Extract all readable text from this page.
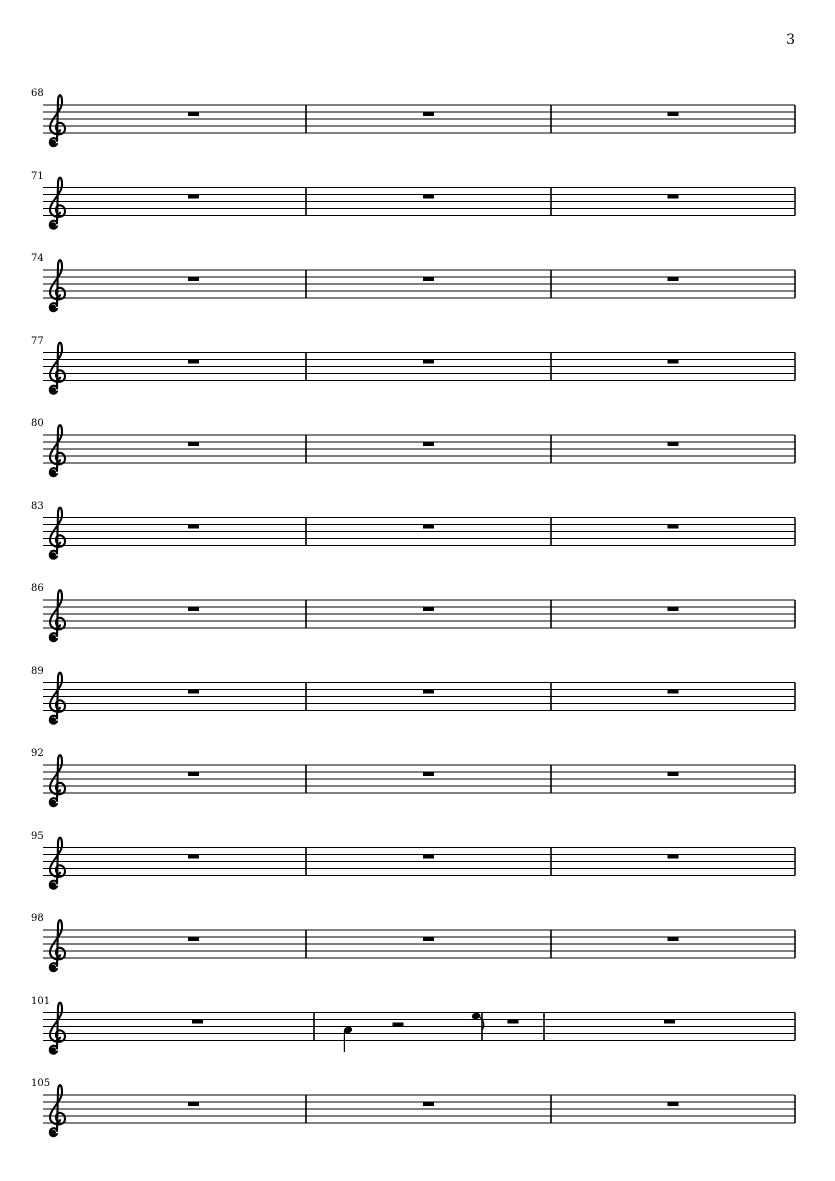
3
68
71
74
77
80
83
86
89
92
95
98
101
105
